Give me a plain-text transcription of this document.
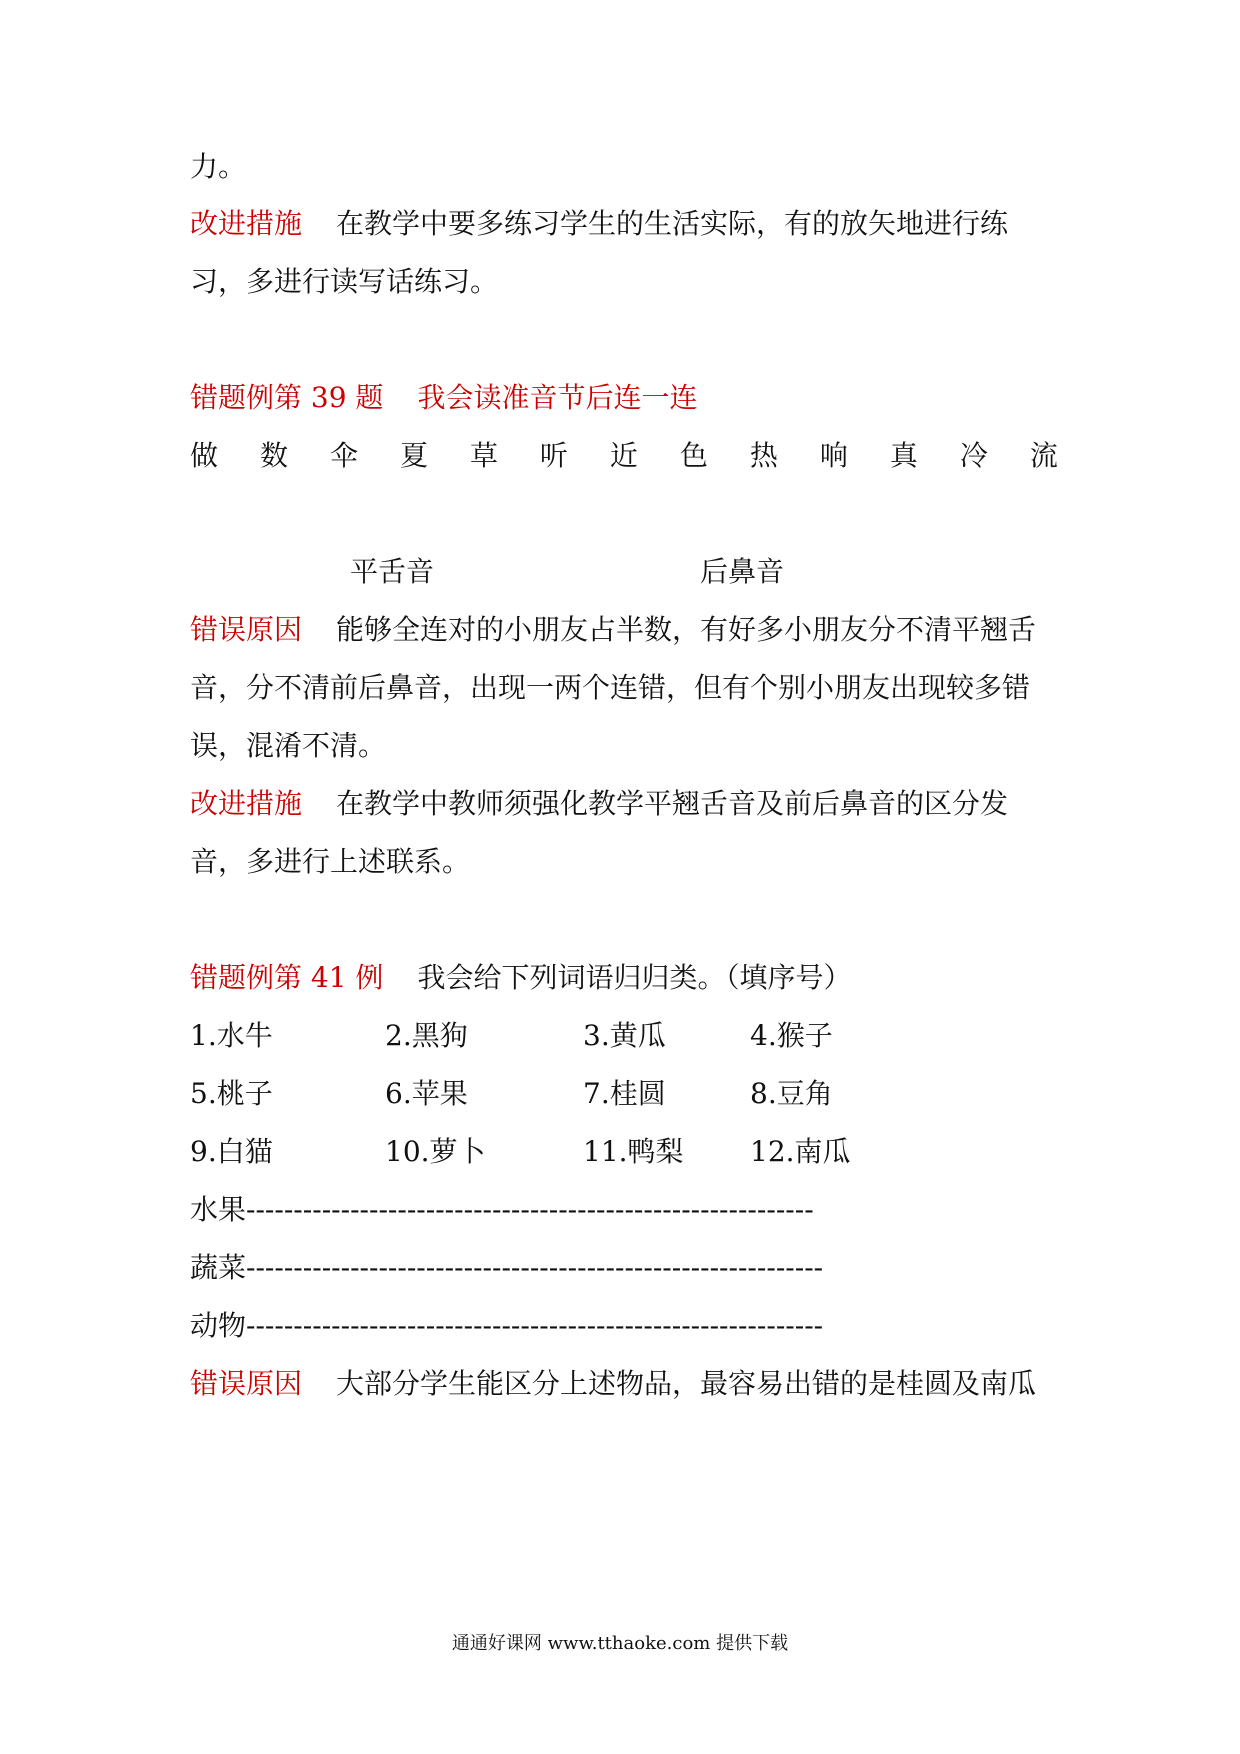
力。
改进措施 在教学中要多练习学生的生活实际，有的放矢地进行练
习，多进行读写话练习。
错题例第 39 题 我会读准音节后连一连
做 数 伞 夏 草 听 近 色 热 响 真 冷 流
平舌音	后鼻音
错误原因 能够全连对的小朋友占半数，有好多小朋友分不清平翘舌
音，分不清前后鼻音，出现一两个连错，但有个别小朋友出现较多错
误，混淆不清。
改进措施 在教学中教师须强化教学平翘舌音及前后鼻音的区分发
音，多进行上述联系。
错题例第 41 例 我会给下列词语归归类。（填序号）
1.水牛	2.黑狗	3.黄瓜	4.猴子
5.桃子	6.苹果	7.桂圆	8.豆角
9.白猫	10.萝卜	11.鸭梨 12.南瓜
水果------------------------------------------------------------
蔬菜-------------------------------------------------------------
动物-------------------------------------------------------------
错误原因 大部分学生能区分上述物品，最容易出错的是桂圆及南瓜
通通好课网 www.tthaoke.com 提供下载
